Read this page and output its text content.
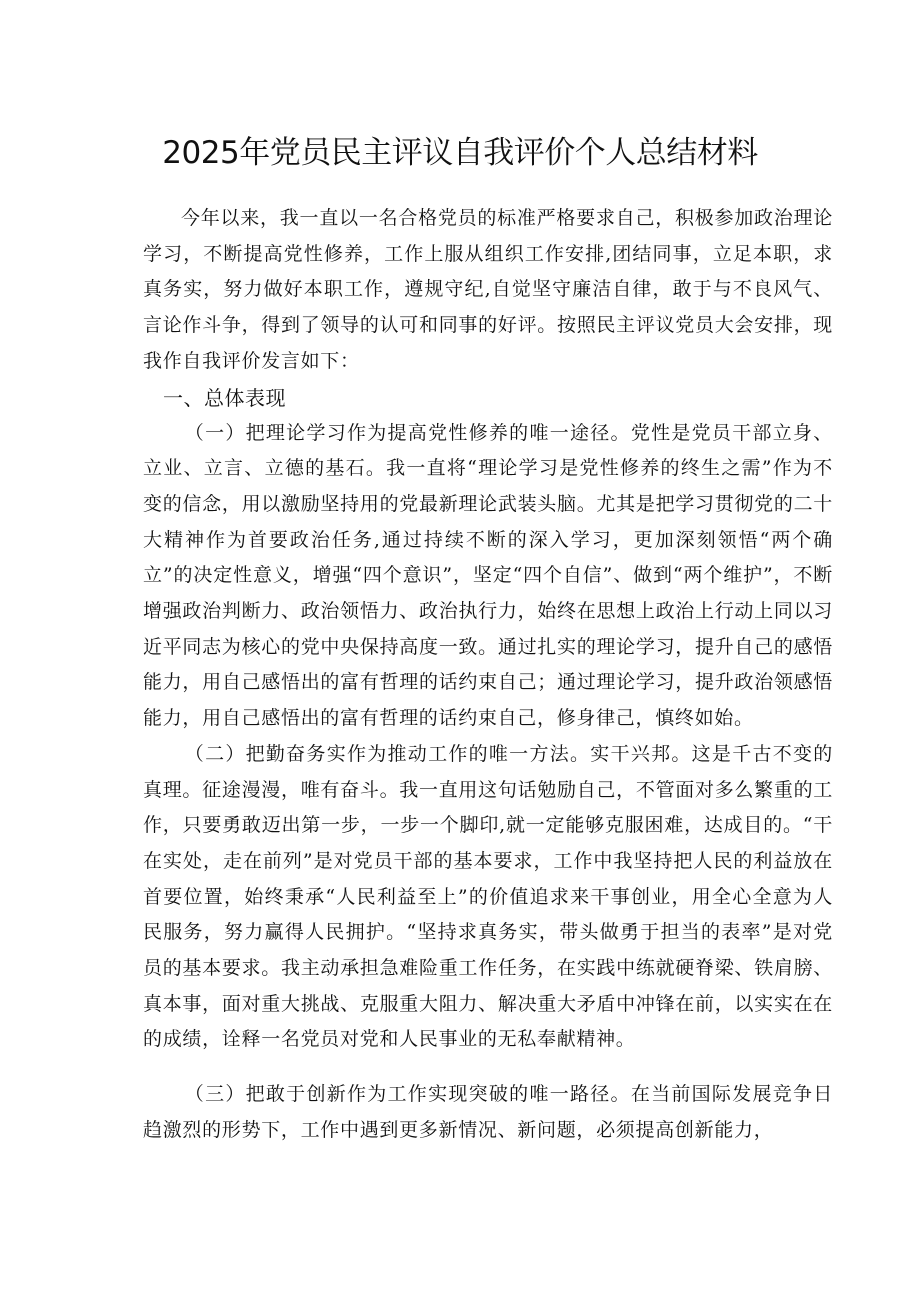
2025年党员民主评议自我评价个人总结材料

今年以来，我一直以一名合格党员的标准严格要求自己，积极参加政治理论学习，不断提高党性修养，工作上服从组织工作安排,团结同事，立足本职，求真务实，努力做好本职工作，遵规守纪,自觉坚守廉洁自律，敢于与不良风气、言论作斗争，得到了领导的认可和同事的好评。按照民主评议党员大会安排，现我作自我评价发言如下：

一、总体表现

（一）把理论学习作为提高党性修养的唯一途径。党性是党员干部立身、立业、立言、立德的基石。我一直将“理论学习是党性修养的终生之需”作为不变的信念，用以激励坚持用的党最新理论武装头脑。尤其是把学习贯彻党的二十大精神作为首要政治任务,通过持续不断的深入学习，更加深刻领悟“两个确立”的决定性意义，增强“四个意识”，坚定“四个自信”、做到“两个维护”，不断增强政治判断力、政治领悟力、政治执行力，始终在思想上政治上行动上同以习近平同志为核心的党中央保持高度一致。通过扎实的理论学习，提升自己的感悟能力，用自己感悟出的富有哲理的话约束自己；通过理论学习，提升政治领感悟能力，用自己感悟出的富有哲理的话约束自己，修身律己，慎终如始。

（二）把勤奋务实作为推动工作的唯一方法。实干兴邦。这是千古不变的真理。征途漫漫，唯有奋斗。我一直用这句话勉励自己，不管面对多么繁重的工作，只要勇敢迈出第一步，一步一个脚印,就一定能够克服困难，达成目的。“干在实处，走在前列”是对党员干部的基本要求，工作中我坚持把人民的利益放在首要位置，始终秉承“人民利益至上”的价值追求来干事创业，用全心全意为人民服务，努力赢得人民拥护。“坚持求真务实，带头做勇于担当的表率”是对党员的基本要求。我主动承担急难险重工作任务，在实践中练就硬脊梁、铁肩膀、真本事，面对重大挑战、克服重大阻力、解决重大矛盾中冲锋在前，以实实在在的成绩，诠释一名党员对党和人民事业的无私奉献精神。

（三）把敢于创新作为工作实现突破的唯一路径。在当前国际发展竞争日趋激烈的形势下，工作中遇到更多新情况、新问题，必须提高创新能力，
